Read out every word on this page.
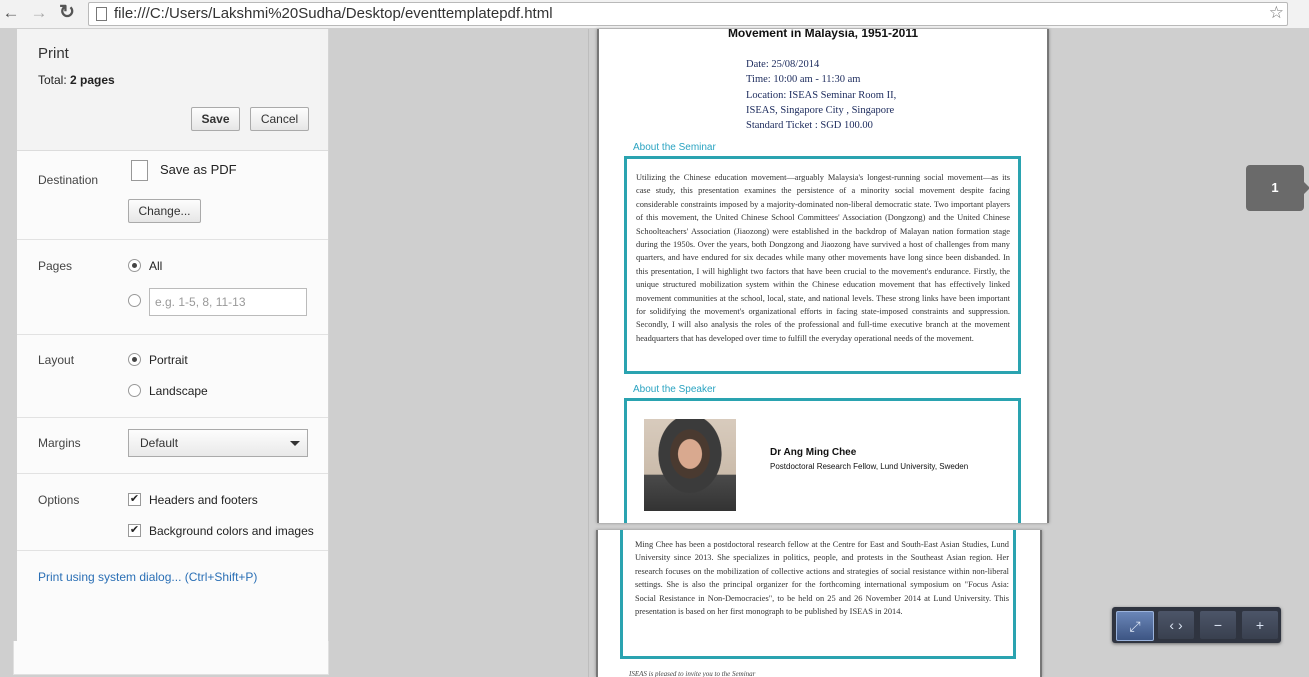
← → ↻	file:///C:/Users/Lakshmi%20Sudha/Desktop/eventtemplatepdf.html	☆
Print
Total: 2 pages
Save	Cancel
Destination
Save as PDF
Change...
Pages	All
e.g. 1-5, 8, 11-13
Layout	Portrait
Landscape
Margins	Default
Options	✔ Headers and footers
✔ Background colors and images
Print using system dialog... (Ctrl+Shift+P)
Movement in Malaysia, 1951-2011
Date: 25/08/2014
Time: 10:00 am - 11:30 am
Location: ISEAS Seminar Room II,
ISEAS, Singapore City , Singapore
Standard Ticket : SGD 100.00
About the Seminar
Utilizing the Chinese education movement—arguably Malaysia's longest-running social movement—as its case study, this presentation examines the persistence of a minority social movement despite facing considerable constraints imposed by a majority-dominated non-liberal democratic state. Two important players of this movement, the United Chinese School Committees' Association (Dongzong) and the United Chinese Schoolteachers' Association (Jiaozong) were established in the backdrop of Malayan nation formation stage during the 1950s. Over the years, both Dongzong and Jiaozong have survived a host of challenges from many quarters, and have endured for six decades while many other movements have long since been disbanded. In this presentation, I will highlight two factors that have been crucial to the movement's endurance. Firstly, the unique structured mobilization system within the Chinese education movement that has effectively linked movement communities at the school, local, state, and national levels. These strong links have been important for solidifying the movement's organizational efforts in facing state-imposed constraints and suppression. Secondly, I will also analysis the roles of the professional and full-time executive branch at the movement headquarters that has developed over time to fulfill the everyday operational needs of the movement.
About the Speaker
Dr Ang Ming Chee
Postdoctoral Research Fellow, Lund University, Sweden
Ming Chee has been a postdoctoral research fellow at the Centre for East and South-East Asian Studies, Lund University since 2013. She specializes in politics, people, and protests in the Southeast Asian region. Her research focuses on the mobilization of collective actions and strategies of social resistance within non-liberal settings. She is also the principal organizer for the forthcoming international symposium on "Focus Asia: Social Resistance in Non-Democracies", to be held on 25 and 26 November 2014 at Lund University. This presentation is based on her first monograph to be published by ISEAS in 2014.
ISEAS is pleased to invite you to the Seminar
1
⤢	‹ ›	−	+
